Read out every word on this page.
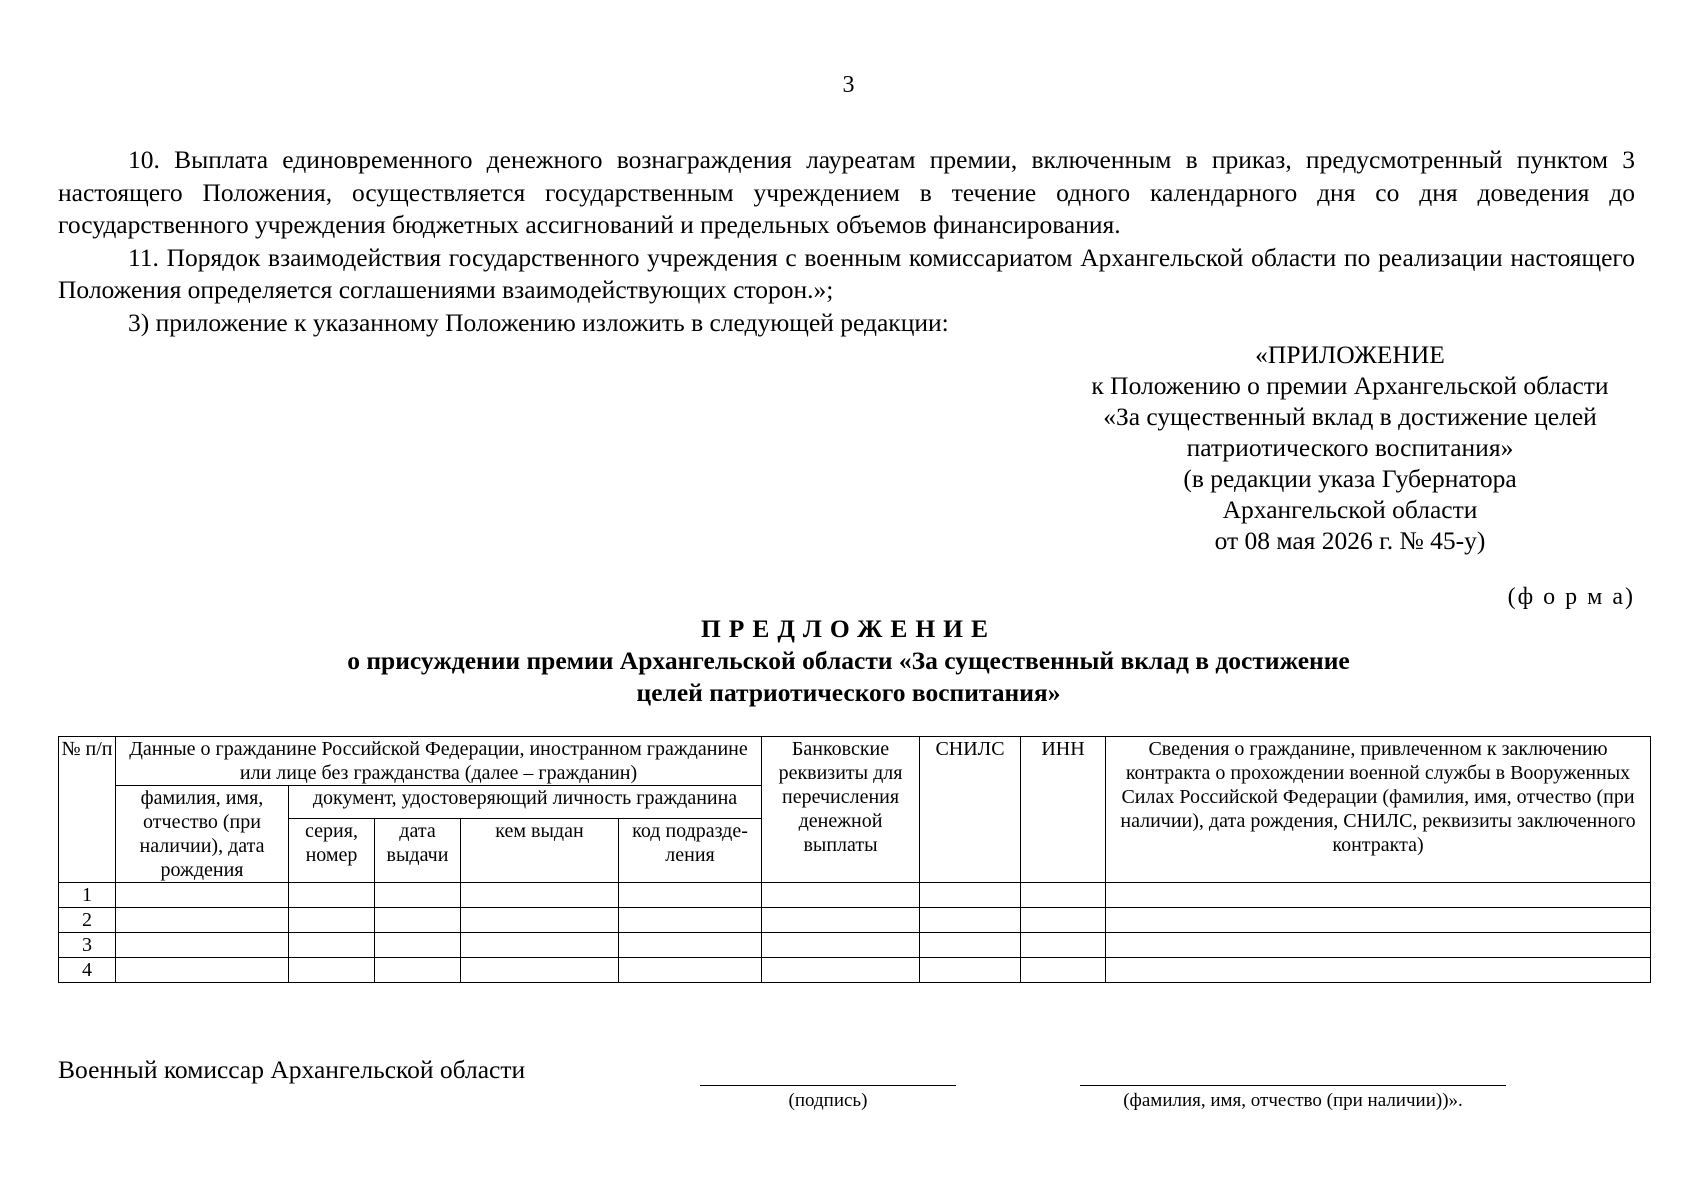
3

10. Выплата единовременного денежного вознаграждения лауреатам премии, включенным в приказ, предусмотренный пунктом 3 настоящего Положения, осуществляется государственным учреждением в течение одного календарного дня со дня доведения до государственного учреждения бюджетных ассигнований и предельных объемов финансирования.

11. Порядок взаимодействия государственного учреждения с военным комиссариатом Архангельской области по реализации настоящего Положения определяется соглашениями взаимодействующих сторон.»;

3) приложение к указанному Положению изложить в следующей редакции:

«ПРИЛОЖЕНИЕ
к Положению о премии Архангельской области
«За существенный вклад в достижение целей
патриотического воспитания»
(в редакции указа Губернатора
Архангельской области
от 08 мая 2026 г. № 45-у)
(ф о р м а)
ПРЕДЛОЖЕНИЕ
о присуждении премии Архангельской области «За существенный вклад в достижение
целей патриотического воспитания»
№ п/п	Данные о гражданине Российской Федерации, иностранном гражданине или лице без гражданства (далее – гражданин)					Банковские реквизиты для перечисления денежной выплаты	СНИЛС	ИНН	Сведения о гражданине, привлеченном к заключению контракта о прохождении военной службы в Вооруженных Силах Российской Федерации (фамилия, имя, отчество (при наличии), дата рождения, СНИЛС, реквизиты заключенного контракта)
	фамилия, имя, отчество (при наличии), дата рождения	документ, удостоверяющий личность гражданина							
		серия, номер	дата выдачи	кем выдан	код подразде-ления				
1									
2									
3									
4									
Военный комиссар Архангельской области
(подпись)	(фамилия, имя, отчество (при наличии))».
